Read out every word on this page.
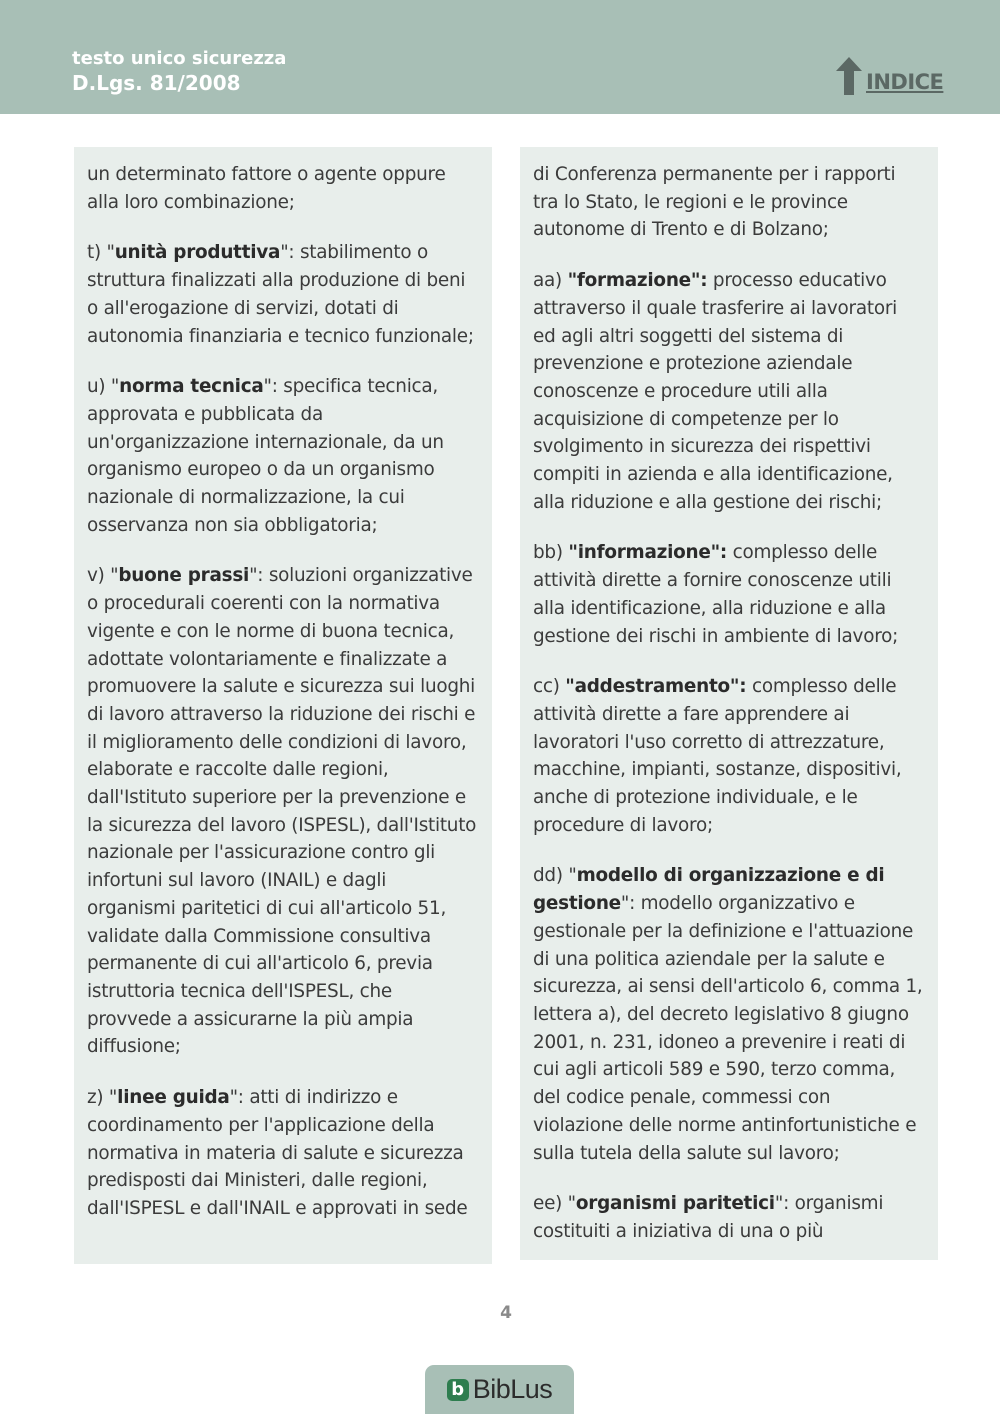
testo unico sicurezza
D.Lgs. 81/2008	INDICE

un determinato fattore o agente oppure alla loro combinazione;

t) "unità produttiva": stabilimento o struttura finalizzati alla produzione di beni o all'erogazione di servizi, dotati di autonomia finanziaria e tecnico funzionale;

u) "norma tecnica": specifica tecnica, approvata e pubblicata da un'organizzazione internazionale, da un organismo europeo o da un organismo nazionale di normalizzazione, la cui osservanza non sia obbligatoria;

v) "buone prassi": soluzioni organizzative o procedurali coerenti con la normativa vigente e con le norme di buona tecnica, adottate volontariamente e finalizzate a promuovere la salute e sicurezza sui luoghi di lavoro attraverso la riduzione dei rischi e il miglioramento delle condizioni di lavoro, elaborate e raccolte dalle regioni, dall'Istituto superiore per la prevenzione e la sicurezza del lavoro (ISPESL), dall'Istituto nazionale per l'assicurazione contro gli infortuni sul lavoro (INAIL) e dagli organismi paritetici di cui all'articolo 51, validate dalla Commissione consultiva permanente di cui all'articolo 6, previa istruttoria tecnica dell'ISPESL, che provvede a assicurarne la più ampia diffusione;

z) "linee guida": atti di indirizzo e coordinamento per l'applicazione della normativa in materia di salute e sicurezza predisposti dai Ministeri, dalle regioni, dall'ISPESL e dall'INAIL e approvati in sede

di Conferenza permanente per i rapporti tra lo Stato, le regioni e le province autonome di Trento e di Bolzano;

aa) "formazione": processo educativo attraverso il quale trasferire ai lavoratori ed agli altri soggetti del sistema di prevenzione e protezione aziendale conoscenze e procedure utili alla acquisizione di competenze per lo svolgimento in sicurezza dei rispettivi compiti in azienda e alla identificazione, alla riduzione e alla gestione dei rischi;

bb) "informazione": complesso delle attività dirette a fornire conoscenze utili alla identificazione, alla riduzione e alla gestione dei rischi in ambiente di lavoro;

cc) "addestramento": complesso delle attività dirette a fare apprendere ai lavoratori l'uso corretto di attrezzature, macchine, impianti, sostanze, dispositivi, anche di protezione individuale, e le procedure di lavoro;

dd) "modello di organizzazione e di gestione": modello organizzativo e gestionale per la definizione e l'attuazione di una politica aziendale per la salute e sicurezza, ai sensi dell'articolo 6, comma 1, lettera a), del decreto legislativo 8 giugno 2001, n. 231, idoneo a prevenire i reati di cui agli articoli 589 e 590, terzo comma, del codice penale, commessi con violazione delle norme antinfortunistiche e sulla tutela della salute sul lavoro;

ee) "organismi paritetici": organismi costituiti a iniziativa di una o più

4
b BibLus
